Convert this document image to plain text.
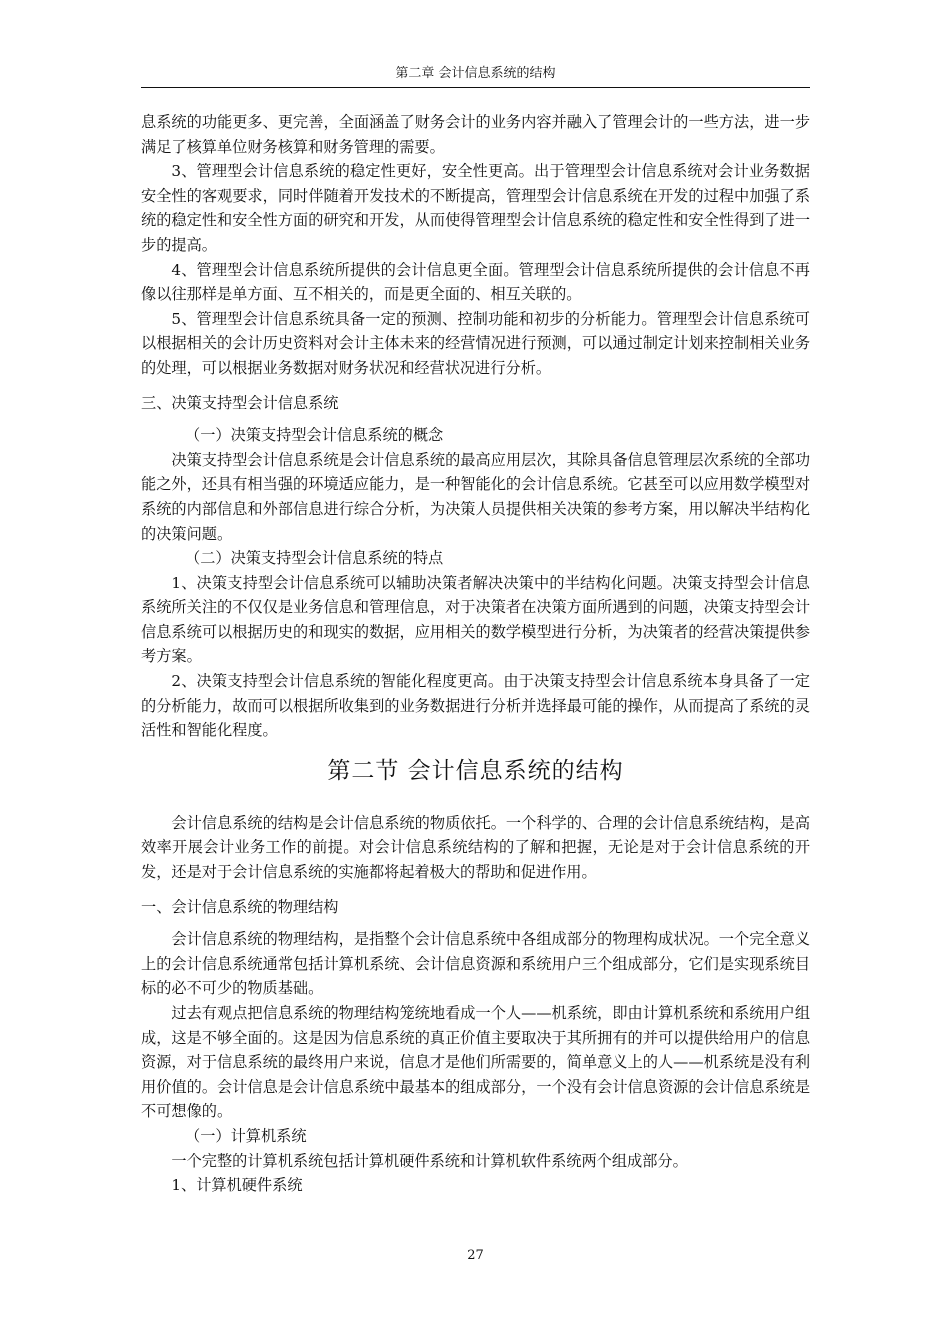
第二章 会计信息系统的结构

息系统的功能更多、更完善，全面涵盖了财务会计的业务内容并融入了管理会计的一些方法，进一步满足了核算单位财务核算和财务管理的需要。

3、管理型会计信息系统的稳定性更好，安全性更高。出于管理型会计信息系统对会计业务数据安全性的客观要求，同时伴随着开发技术的不断提高，管理型会计信息系统在开发的过程中加强了系统的稳定性和安全性方面的研究和开发，从而使得管理型会计信息系统的稳定性和安全性得到了进一步的提高。

4、管理型会计信息系统所提供的会计信息更全面。管理型会计信息系统所提供的会计信息不再像以往那样是单方面、互不相关的，而是更全面的、相互关联的。

5、管理型会计信息系统具备一定的预测、控制功能和初步的分析能力。管理型会计信息系统可以根据相关的会计历史资料对会计主体未来的经营情况进行预测，可以通过制定计划来控制相关业务的处理，可以根据业务数据对财务状况和经营状况进行分析。

三、决策支持型会计信息系统

（一）决策支持型会计信息系统的概念

决策支持型会计信息系统是会计信息系统的最高应用层次，其除具备信息管理层次系统的全部功能之外，还具有相当强的环境适应能力，是一种智能化的会计信息系统。它甚至可以应用数学模型对系统的内部信息和外部信息进行综合分析，为决策人员提供相关决策的参考方案，用以解决半结构化的决策问题。

（二）决策支持型会计信息系统的特点

1、决策支持型会计信息系统可以辅助决策者解决决策中的半结构化问题。决策支持型会计信息系统所关注的不仅仅是业务信息和管理信息，对于决策者在决策方面所遇到的问题，决策支持型会计信息系统可以根据历史的和现实的数据，应用相关的数学模型进行分析，为决策者的经营决策提供参考方案。

2、决策支持型会计信息系统的智能化程度更高。由于决策支持型会计信息系统本身具备了一定的分析能力，故而可以根据所收集到的业务数据进行分析并选择最可能的操作，从而提高了系统的灵活性和智能化程度。

第二节 会计信息系统的结构

会计信息系统的结构是会计信息系统的物质依托。一个科学的、合理的会计信息系统结构，是高效率开展会计业务工作的前提。对会计信息系统结构的了解和把握，无论是对于会计信息系统的开发，还是对于会计信息系统的实施都将起着极大的帮助和促进作用。

一、会计信息系统的物理结构

会计信息系统的物理结构，是指整个会计信息系统中各组成部分的物理构成状况。一个完全意义上的会计信息系统通常包括计算机系统、会计信息资源和系统用户三个组成部分，它们是实现系统目标的必不可少的物质基础。

过去有观点把信息系统的物理结构笼统地看成一个人——机系统，即由计算机系统和系统用户组成，这是不够全面的。这是因为信息系统的真正价值主要取决于其所拥有的并可以提供给用户的信息资源，对于信息系统的最终用户来说，信息才是他们所需要的，简单意义上的人——机系统是没有利用价值的。会计信息是会计信息系统中最基本的组成部分，一个没有会计信息资源的会计信息系统是不可想像的。

（一）计算机系统

一个完整的计算机系统包括计算机硬件系统和计算机软件系统两个组成部分。

1、计算机硬件系统

27
